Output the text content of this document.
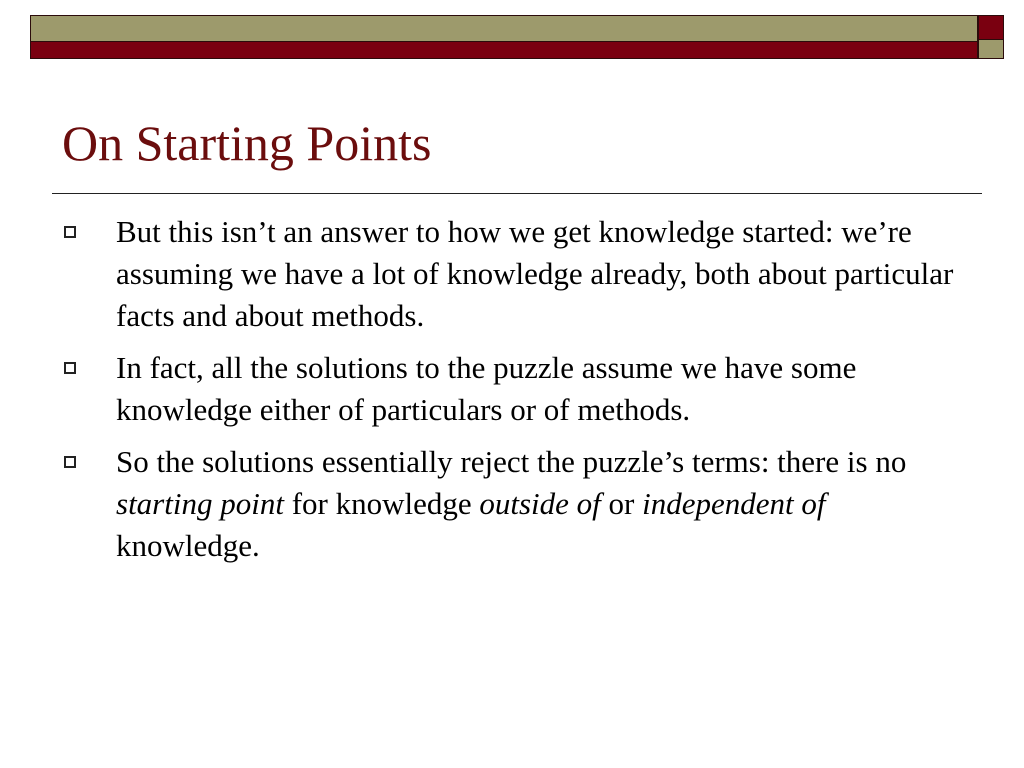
On Starting Points
But this isn’t an answer to how we get knowledge started: we’re assuming we have a lot of knowledge already, both about particular facts and about methods.
In fact, all the solutions to the puzzle assume we have some knowledge either of particulars or of methods.
So the solutions essentially reject the puzzle’s terms: there is no starting point for knowledge outside of or independent of knowledge.
